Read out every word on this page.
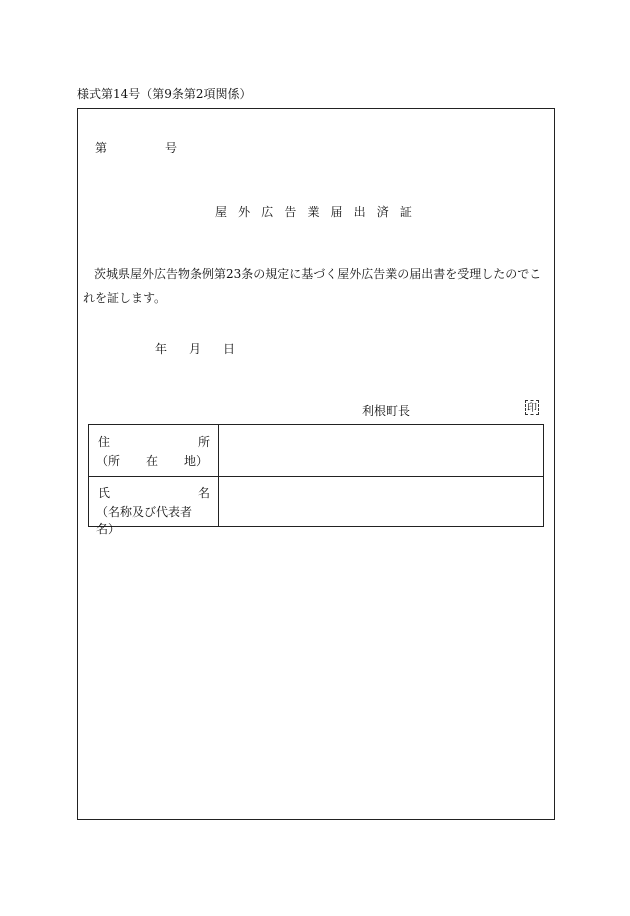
様式第14号（第9条第2項関係）
第	号
屋 外 広 告 業 届 出 済 証
茨城県屋外広告物条例第23条の規定に基づく屋外広告業の届出書を受理したのでこれを証します。
年 月 日
利根町長	印
住	所
（所 在 地）
氏	名
（名称及び代表者名）
